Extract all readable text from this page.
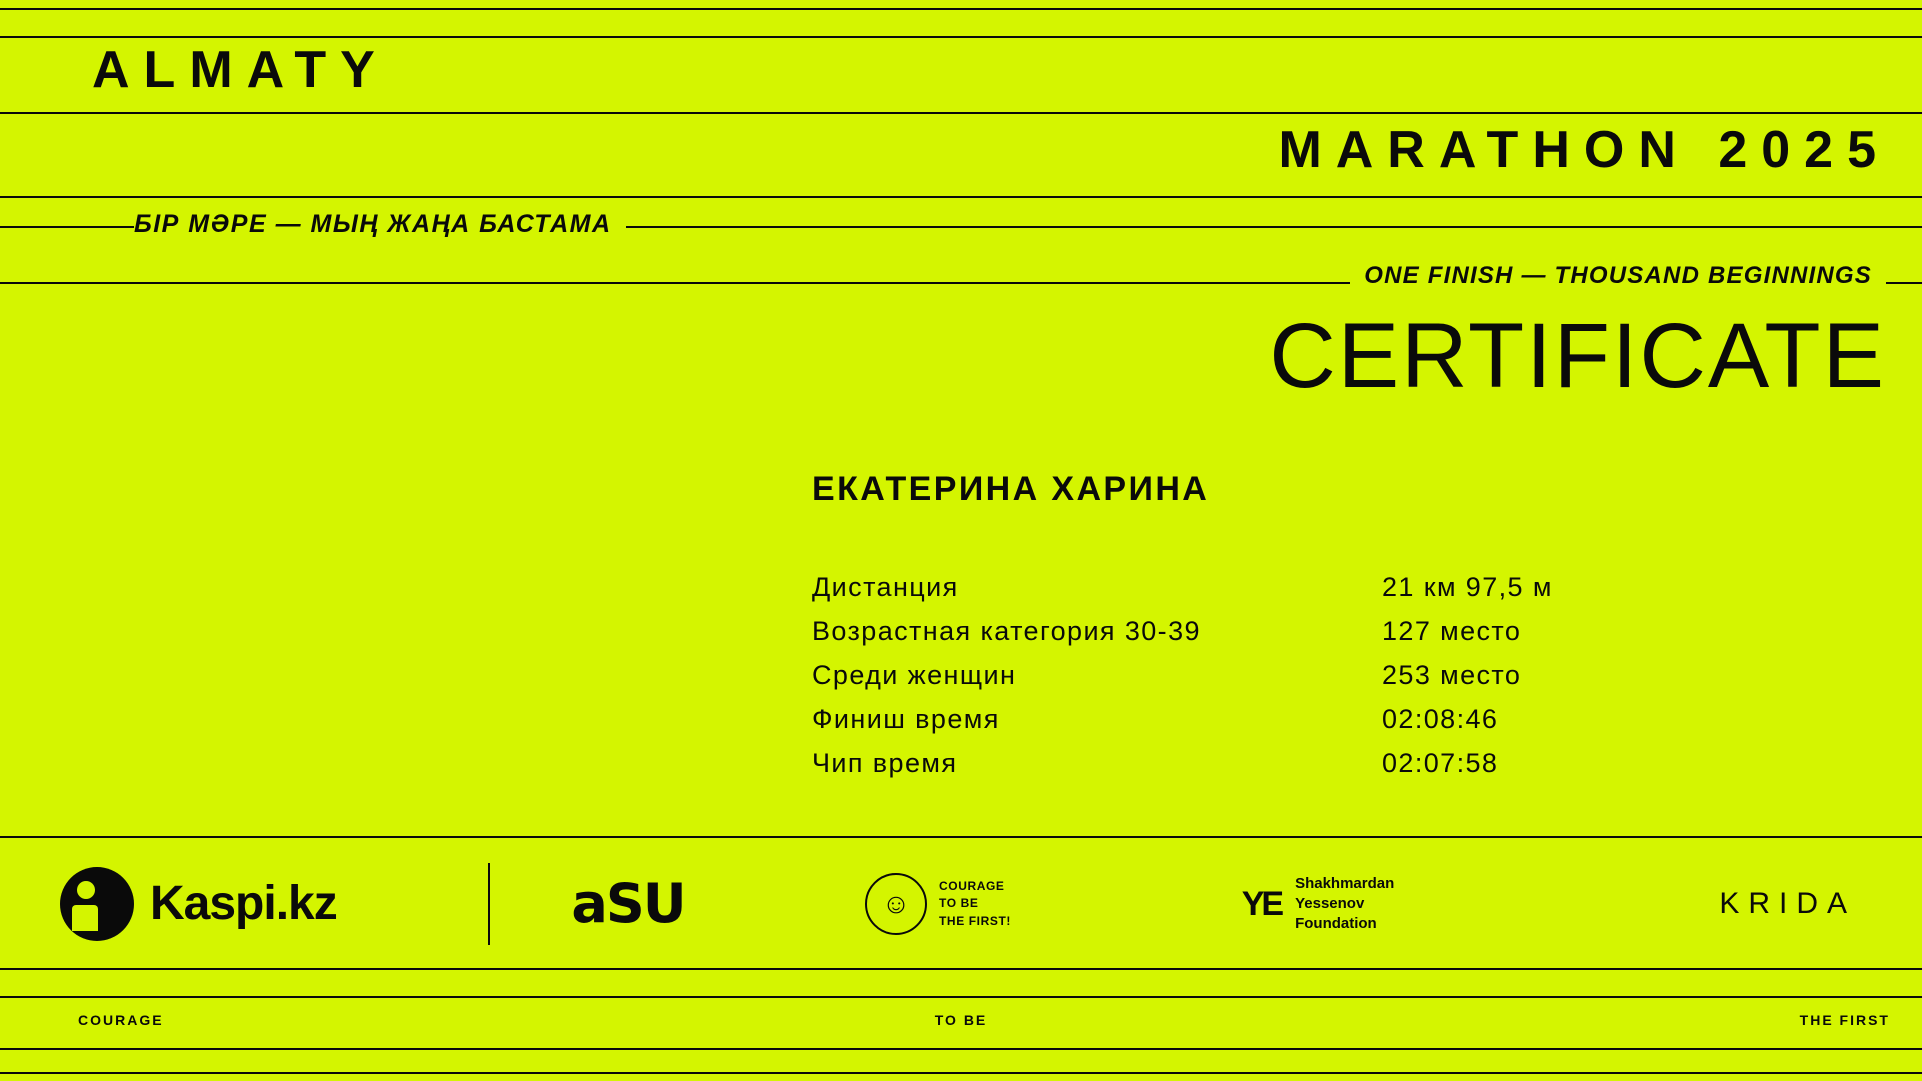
ALMATY
MARATHON 2025
БІР МӘРЕ — МЫҢ ЖАҢА БАСТАМА
ONE FINISH — THOUSAND BEGINNINGS
CERTIFICATE
ЕКАТЕРИНА ХАРИНА
Дистанция	21 км 97,5 м
Возрастная категория 30-39	127 место
Среди женщин	253 место
Финиш время	02:08:46
Чип время	02:07:58
Kaspi.kz	aSU	☺
COURAGE
TO BE
THE FIRST!	YE
Shakhmardan
Yessenov
Foundation
KRIDA
COURAGE	TO BE	THE FIRST
